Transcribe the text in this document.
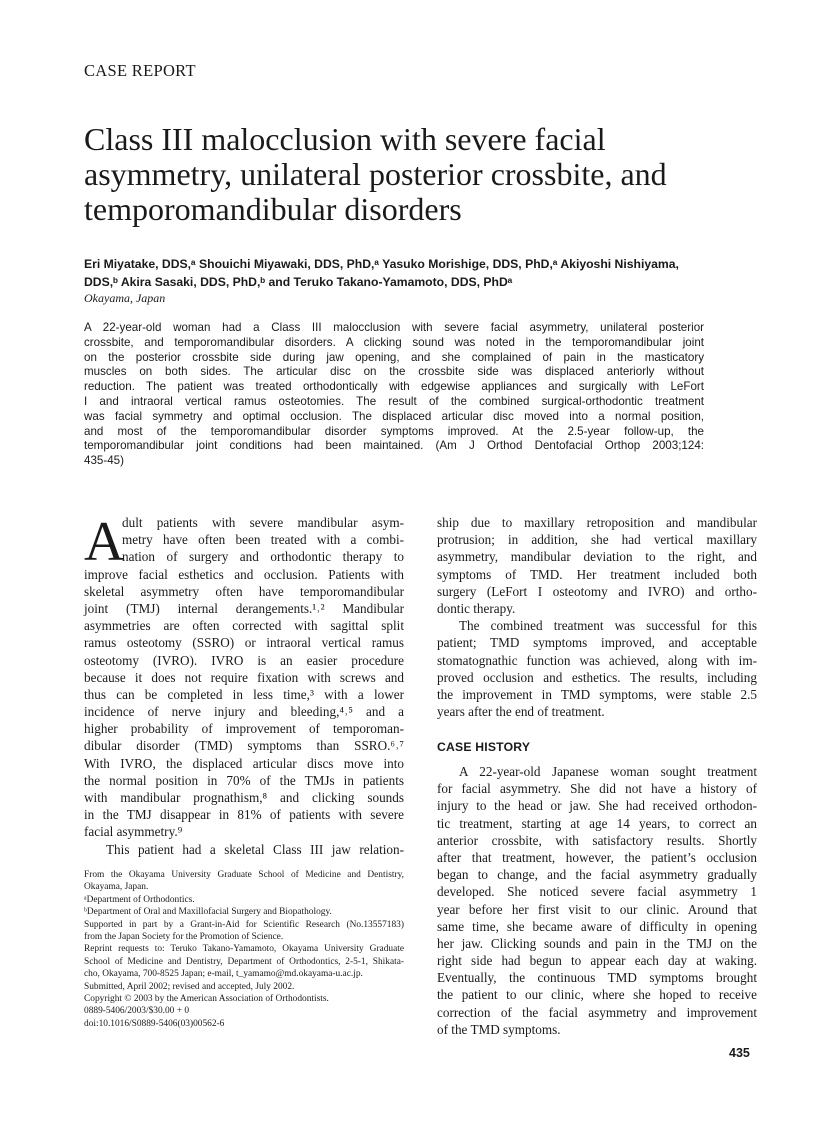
CASE REPORT
Class III malocclusion with severe facial
asymmetry, unilateral posterior crossbite, and
temporomandibular disorders
Eri Miyatake, DDS,ᵃ Shouichi Miyawaki, DDS, PhD,ᵃ Yasuko Morishige, DDS, PhD,ᵃ Akiyoshi Nishiyama,
DDS,ᵇ Akira Sasaki, DDS, PhD,ᵇ and Teruko Takano-Yamamoto, DDS, PhDᵃ
Okayama, Japan
A 22-year-old woman had a Class III malocclusion with severe facial asymmetry, unilateral posterior
crossbite, and temporomandibular disorders. A clicking sound was noted in the temporomandibular joint
on the posterior crossbite side during jaw opening, and she complained of pain in the masticatory
muscles on both sides. The articular disc on the crossbite side was displaced anteriorly without
reduction. The patient was treated orthodontically with edgewise appliances and surgically with LeFort
I and intraoral vertical ramus osteotomies. The result of the combined surgical-orthodontic treatment
was facial symmetry and optimal occlusion. The displaced articular disc moved into a normal position,
and most of the temporomandibular disorder symptoms improved. At the 2.5-year follow-up, the
temporomandibular joint conditions had been maintained. (Am J Orthod Dentofacial Orthop 2003;124:
435-45)
A
dult patients with severe mandibular asym-
metry have often been treated with a combi-
nation of surgery and orthodontic therapy to
improve facial esthetics and occlusion. Patients with
skeletal asymmetry often have temporomandibular
joint (TMJ) internal derangements.¹˒² Mandibular
asymmetries are often corrected with sagittal split
ramus osteotomy (SSRO) or intraoral vertical ramus
osteotomy (IVRO). IVRO is an easier procedure
because it does not require fixation with screws and
thus can be completed in less time,³ with a lower
incidence of nerve injury and bleeding,⁴˒⁵ and a
higher probability of improvement of temporoman-
dibular disorder (TMD) symptoms than SSRO.⁶˒⁷
With IVRO, the displaced articular discs move into
the normal position in 70% of the TMJs in patients
with mandibular prognathism,⁸ and clicking sounds
in the TMJ disappear in 81% of patients with severe
facial asymmetry.⁹
This patient had a skeletal Class III jaw relation-
From the Okayama University Graduate School of Medicine and Dentistry,
Okayama, Japan.
ᵃDepartment of Orthodontics.
ᵇDepartment of Oral and Maxillofacial Surgery and Biopathology.
Supported in part by a Grant-in-Aid for Scientific Research (No.13557183)
from the Japan Society for the Promotion of Science.
Reprint requests to: Teruko Takano-Yamamoto, Okayama University Graduate
School of Medicine and Dentistry, Department of Orthodontics, 2-5-1, Shikata-
cho, Okayama, 700-8525 Japan; e-mail, t_yamamo@md.okayama-u.ac.jp.
Submitted, April 2002; revised and accepted, July 2002.
Copyright © 2003 by the American Association of Orthodontists.
0889-5406/2003/$30.00 + 0
doi:10.1016/S0889-5406(03)00562-6
ship due to maxillary retroposition and mandibular
protrusion; in addition, she had vertical maxillary
asymmetry, mandibular deviation to the right, and
symptoms of TMD. Her treatment included both
surgery (LeFort I osteotomy and IVRO) and ortho-
dontic therapy.
The combined treatment was successful for this
patient; TMD symptoms improved, and acceptable
stomatognathic function was achieved, along with im-
proved occlusion and esthetics. The results, including
the improvement in TMD symptoms, were stable 2.5
years after the end of treatment.
CASE HISTORY
A 22-year-old Japanese woman sought treatment
for facial asymmetry. She did not have a history of
injury to the head or jaw. She had received orthodon-
tic treatment, starting at age 14 years, to correct an
anterior crossbite, with satisfactory results. Shortly
after that treatment, however, the patient’s occlusion
began to change, and the facial asymmetry gradually
developed. She noticed severe facial asymmetry 1
year before her first visit to our clinic. Around that
same time, she became aware of difficulty in opening
her jaw. Clicking sounds and pain in the TMJ on the
right side had begun to appear each day at waking.
Eventually, the continuous TMD symptoms brought
the patient to our clinic, where she hoped to receive
correction of the facial asymmetry and improvement
of the TMD symptoms.
435
